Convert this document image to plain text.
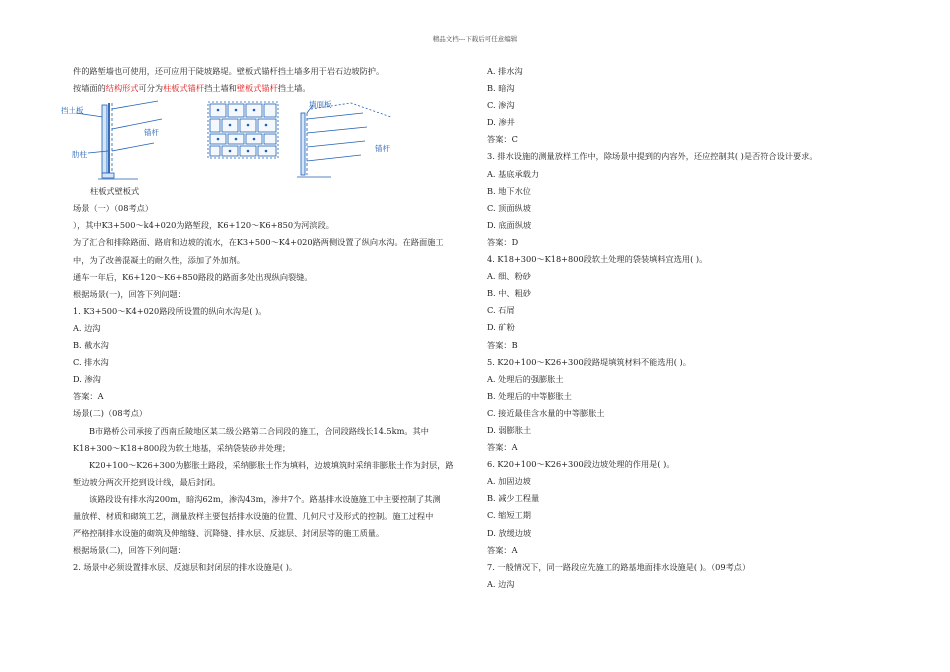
精品文档---下载后可任意编辑
件的路堑墙也可使用，还可应用于陡坡路堤。壁板式锚杆挡土墙多用于岩石边坡防护。
按墙面的结构形式可分为柱板式锚杆挡土墙和壁板式锚杆挡土墙。
挡土板
锚杆
肋柱
墙面板
锚杆
柱板式壁板式
场景（一）（08考点）
），其中K3+500～k4+020为路堑段，K6+120～K6+850为河滨段。
为了汇合和排除路面、路肩和边坡的流水，在K3+500～K4+020路两侧设置了纵向水沟。在路面施工
中，为了改善混凝土的耐久性，添加了外加剂。
通车一年后，K6+120～K6+850路段的路面多处出现纵向裂缝。
根据场景(一)，回答下列问题：
1. K3+500～K4+020路段所设置的纵向水沟是( )。
A. 边沟
B. 截水沟
C. 排水沟
D. 渗沟
答案：A
场景(二)（08考点）
B市路桥公司承接了西南丘陵地区某二级公路第二合同段的施工，合同段路线长14.5km。其中
K18+300～K18+800段为软土地基，采纳袋装砂井处理；
K20+100～K26+300为膨胀土路段，采纳膨胀土作为填料，边坡填筑时采纳非膨胀土作为封层，路
堑边坡分两次开挖到设计线，最后封闭。
该路段设有排水沟200m，暗沟62m，渗沟43m，渗井7个。路基排水设施施工中主要控制了其测
量放样、材质和砌筑工艺，测量放样主要包括排水设施的位置、几何尺寸及形式的控制。施工过程中
严格控制排水设施的砌筑及伸缩缝、沉降缝、排水层、反滤层、封闭层等的施工质量。
根据场景(二)，回答下列问题：
2. 场景中必须设置排水层、反滤层和封闭层的排水设施是( )。
A. 排水沟
B. 暗沟
C. 渗沟
D. 渗井
答案：C
3. 排水设施的测量放样工作中，除场景中提到的内容外，还应控制其( )是否符合设计要求。
A. 基底承载力
B. 地下水位
C. 顶面纵坡
D. 底面纵坡
答案：D
4. K18+300～K18+800段软土处理的袋装填料宜选用( )。
A. 细、粉砂
B. 中、粗砂
C. 石屑
D. 矿粉
答案：B
5. K20+100～K26+300段路堤填筑材料不能选用( )。
A. 处理后的强膨胀土
B. 处理后的中等膨胀土
C. 接近最佳含水量的中等膨胀土
D. 弱膨胀土
答案：A
6. K20+100～K26+300段边坡处理的作用是( )。
A. 加固边坡
B. 减少工程量
C. 缩短工期
D. 放缓边坡
答案：A
7. 一般情况下，同一路段应先施工的路基地面排水设施是( )。（09考点）
A. 边沟
